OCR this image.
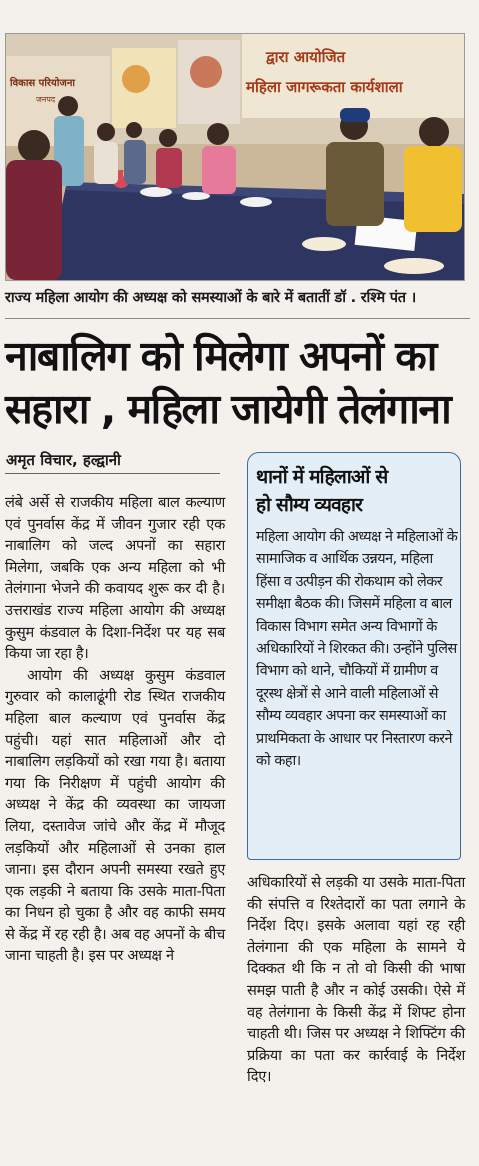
विकास परियोजना
जनपद
द्वारा आयोजित
महिला जागरूकता कार्यशाला
राज्य महिला आयोग की अध्यक्ष को समस्याओं के बारे में बतातीं डॉ . रश्मि पंत ।
नाबालिग को मिलेगा अपनों का
सहारा , महिला जायेगी तेलंगाना
अमृत विचार, हल्द्वानी

लंबे अर्से से राजकीय महिला बाल कल्याण एवं पुनर्वास केंद्र में जीवन गुजार रही एक नाबालिग को जल्द अपनों का सहारा मिलेगा, जबकि एक अन्य महिला को भी तेलंगाना भेजने की कवायद शुरू कर दी है। उत्तराखंड राज्य महिला आयोग की अध्यक्ष कुसुम कंडवाल के दिशा-निर्देश पर यह सब किया जा रहा है।

आयोग की अध्यक्ष कुसुम कंडवाल गुरुवार को कालाढूंगी रोड स्थित राजकीय महिला बाल कल्याण एवं पुनर्वास केंद्र पहुंची। यहां सात महिलाओं और दो नाबालिग लड़कियों को रखा गया है। बताया गया कि निरीक्षण में पहुंची आयोग की अध्यक्ष ने केंद्र की व्यवस्था का जायजा लिया, दस्तावेज जांचे और केंद्र में मौजूद लड़कियों और महिलाओं से उनका हाल जाना। इस दौरान अपनी समस्या रखते हुए एक लड़की ने बताया कि उसके माता-पिता का निधन हो चुका है और वह काफी समय से केंद्र में रह रही है। अब वह अपनों के बीच जाना चाहती है। इस पर अध्यक्ष ने

थानों में महिलाओं से
हो सौम्य व्यवहार
महिला आयोग की अध्यक्ष ने महिलाओं के सामाजिक व आर्थिक उन्नयन, महिला हिंसा व उत्पीड़न की रोकथाम को लेकर समीक्षा बैठक की। जिसमें महिला व बाल विकास विभाग समेत अन्य विभागों के अधिकारियों ने शिरकत की। उन्होंने पुलिस विभाग को थाने, चौकियों में ग्रामीण व दूरस्थ क्षेत्रों से आने वाली महिलाओं से सौम्य व्यवहार अपना कर समस्याओं का प्राथमिकता के आधार पर निस्तारण करने को कहा।

अधिकारियों से लड़की या उसके माता-पिता की संपत्ति व रिश्तेदारों का पता लगाने के निर्देश दिए। इसके अलावा यहां रह रही तेलंगाना की एक महिला के सामने ये दिक्कत थी कि न तो वो किसी की भाषा समझ पाती है और न कोई उसकी। ऐसे में वह तेलंगाना के किसी केंद्र में शिफ्ट होना चाहती थी। जिस पर अध्यक्ष ने शिफ्टिंग की प्रक्रिया का पता कर कार्रवाई के निर्देश दिए।
